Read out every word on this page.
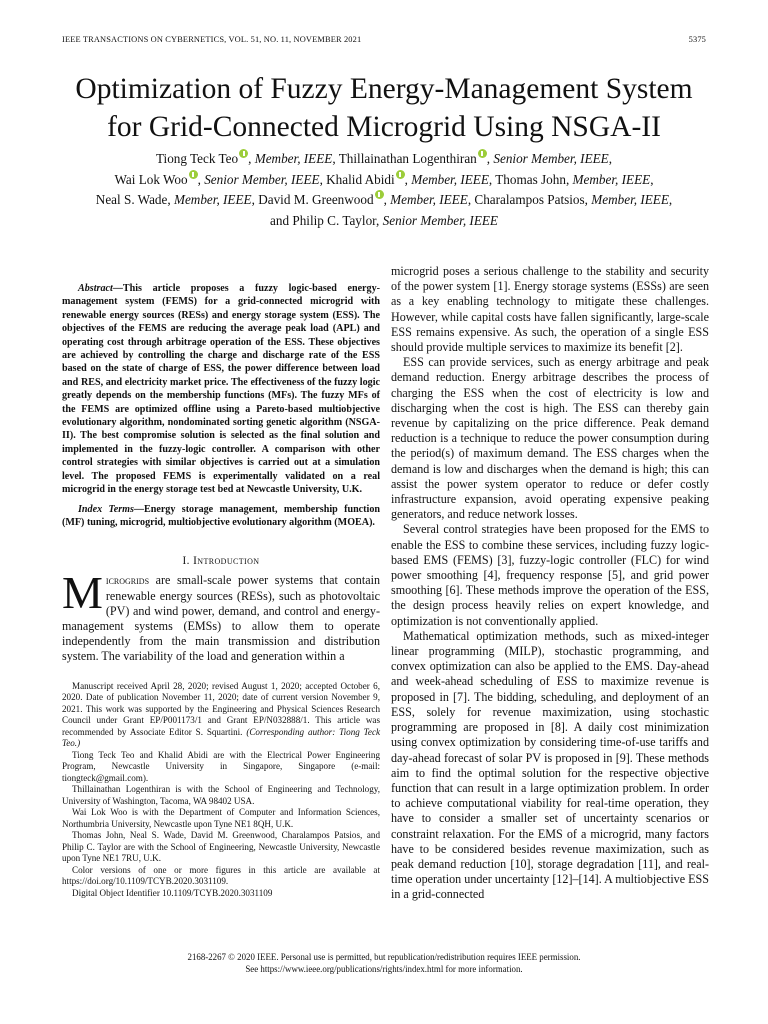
IEEE TRANSACTIONS ON CYBERNETICS, VOL. 51, NO. 11, NOVEMBER 2021	5375
Optimization of Fuzzy Energy-Management System
for Grid-Connected Microgrid Using NSGA-II
Tiong Teck Teo , Member, IEEE, Thillainathan Logenthiran , Senior Member, IEEE,
Wai Lok Woo , Senior Member, IEEE, Khalid Abidi , Member, IEEE, Thomas John, Member, IEEE,
Neal S. Wade, Member, IEEE, David M. Greenwood , Member, IEEE, Charalampos Patsios, Member, IEEE,
and Philip C. Taylor, Senior Member, IEEE

Abstract—This article proposes a fuzzy logic-based energy-management system (FEMS) for a grid-connected microgrid with renewable energy sources (RESs) and energy storage system (ESS). The objectives of the FEMS are reducing the average peak load (APL) and operating cost through arbitrage operation of the ESS. These objectives are achieved by controlling the charge and discharge rate of the ESS based on the state of charge of ESS, the power difference between load and RES, and electricity market price. The effectiveness of the fuzzy logic greatly depends on the membership functions (MFs). The fuzzy MFs of the FEMS are optimized offline using a Pareto-based multiobjective evolutionary algorithm, nondominated sorting genetic algorithm (NSGA-II). The best compromise solution is selected as the final solution and implemented in the fuzzy-logic controller. A comparison with other control strategies with similar objectives is carried out at a simulation level. The proposed FEMS is experimentally validated on a real microgrid in the energy storage test bed at Newcastle University, U.K.

Index Terms—Energy storage management, membership function (MF) tuning, microgrid, multiobjective evolutionary algorithm (MOEA).

I. Introduction

Microgrids are small-scale power systems that contain renewable energy sources (RESs), such as photovoltaic (PV) and wind power, demand, and control and energy-management systems (EMSs) to allow them to operate independently from the main transmission and distribution system. The variability of the load and generation within a

Manuscript received April 28, 2020; revised August 1, 2020; accepted October 6, 2020. Date of publication November 11, 2020; date of current version November 9, 2021. This work was supported by the Engineering and Physical Sciences Research Council under Grant EP/P001173/1 and Grant EP/N032888/1. This article was recommended by Associate Editor S. Squartini. (Corresponding author: Tiong Teck Teo.)

Tiong Teck Teo and Khalid Abidi are with the Electrical Power Engineering Program, Newcastle University in Singapore, Singapore (e-mail: tiongteck@gmail.com).

Thillainathan Logenthiran is with the School of Engineering and Technology, University of Washington, Tacoma, WA 98402 USA.

Wai Lok Woo is with the Department of Computer and Information Sciences, Northumbria University, Newcastle upon Tyne NE1 8QH, U.K.

Thomas John, Neal S. Wade, David M. Greenwood, Charalampos Patsios, and Philip C. Taylor are with the School of Engineering, Newcastle University, Newcastle upon Tyne NE1 7RU, U.K.

Color versions of one or more figures in this article are available at https://doi.org/10.1109/TCYB.2020.3031109.

Digital Object Identifier 10.1109/TCYB.2020.3031109

microgrid poses a serious challenge to the stability and security of the power system [1]. Energy storage systems (ESSs) are seen as a key enabling technology to mitigate these challenges. However, while capital costs have fallen significantly, large-scale ESS remains expensive. As such, the operation of a single ESS should provide multiple services to maximize its benefit [2].

ESS can provide services, such as energy arbitrage and peak demand reduction. Energy arbitrage describes the process of charging the ESS when the cost of electricity is low and discharging when the cost is high. The ESS can thereby gain revenue by capitalizing on the price difference. Peak demand reduction is a technique to reduce the power consumption during the period(s) of maximum demand. The ESS charges when the demand is low and discharges when the demand is high; this can assist the power system operator to reduce or defer costly infrastructure expansion, avoid operating expensive peaking generators, and reduce network losses.

Several control strategies have been proposed for the EMS to enable the ESS to combine these services, including fuzzy logic-based EMS (FEMS) [3], fuzzy-logic controller (FLC) for wind power smoothing [4], frequency response [5], and grid power smoothing [6]. These methods improve the operation of the ESS, the design process heavily relies on expert knowledge, and optimization is not conventionally applied.

Mathematical optimization methods, such as mixed-integer linear programming (MILP), stochastic programming, and convex optimization can also be applied to the EMS. Day-ahead and week-ahead scheduling of ESS to maximize revenue is proposed in [7]. The bidding, scheduling, and deployment of an ESS, solely for revenue maximization, using stochastic programming are proposed in [8]. A daily cost minimization using convex optimization by considering time-of-use tariffs and day-ahead forecast of solar PV is proposed in [9]. These methods aim to find the optimal solution for the respective objective function that can result in a large optimization problem. In order to achieve computational viability for real-time operation, they have to consider a smaller set of uncertainty scenarios or constraint relaxation. For the EMS of a microgrid, many factors have to be considered besides revenue maximization, such as peak demand reduction [10], storage degradation [11], and real-time operation under uncertainty [12]–[14]. A multiobjective ESS in a grid-connected

2168-2267 © 2020 IEEE. Personal use is permitted, but republication/redistribution requires IEEE permission.
See https://www.ieee.org/publications/rights/index.html for more information.
